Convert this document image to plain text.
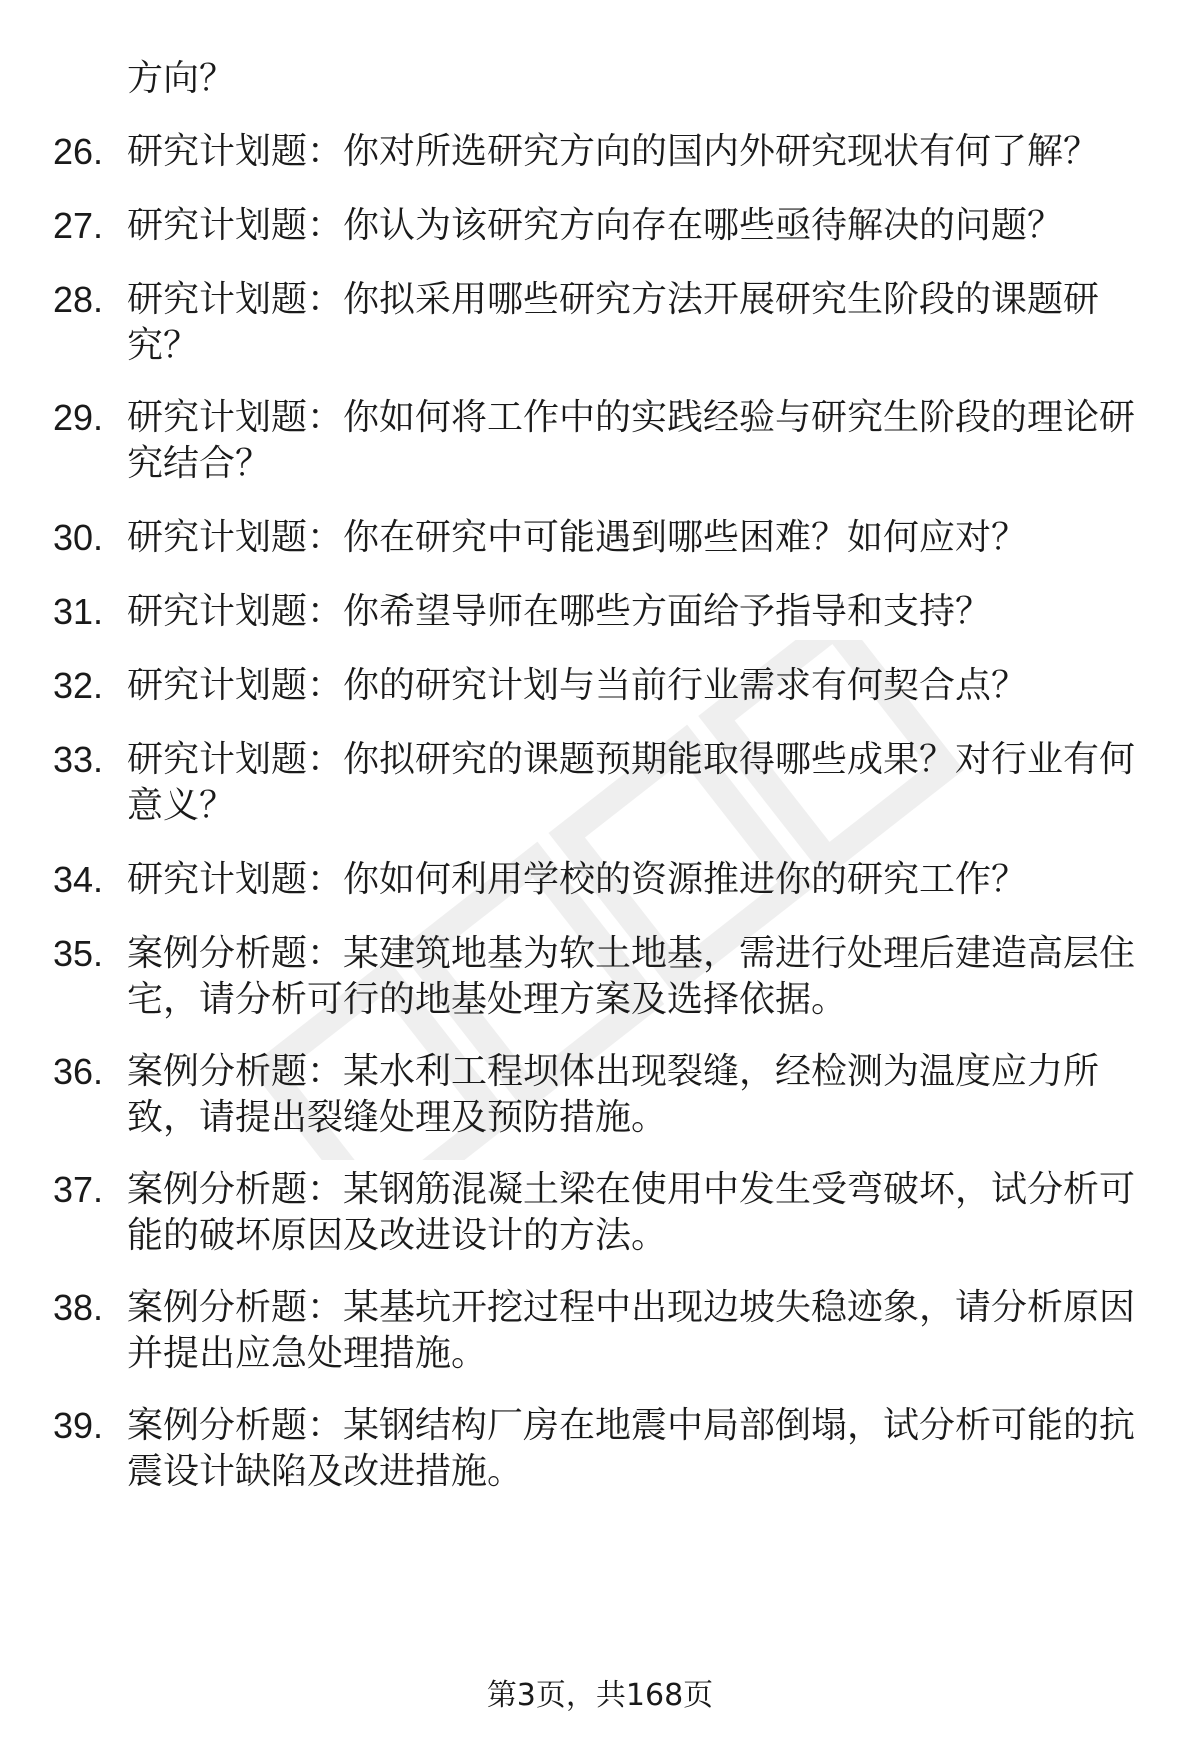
方向？
26. 研究计划题：你对所选研究方向的国内外研究现状有何了解？
27. 研究计划题：你认为该研究方向存在哪些亟待解决的问题？
28. 研究计划题：你拟采用哪些研究方法开展研究生阶段的课题研
究？
29. 研究计划题：你如何将工作中的实践经验与研究生阶段的理论研
究结合？
30. 研究计划题：你在研究中可能遇到哪些困难？如何应对？
31. 研究计划题：你希望导师在哪些方面给予指导和支持？
32. 研究计划题：你的研究计划与当前行业需求有何契合点？
33. 研究计划题：你拟研究的课题预期能取得哪些成果？对行业有何
意义？
34. 研究计划题：你如何利用学校的资源推进你的研究工作？
35. 案例分析题：某建筑地基为软土地基，需进行处理后建造高层住
宅，请分析可行的地基处理方案及选择依据。
36. 案例分析题：某水利工程坝体出现裂缝，经检测为温度应力所
致，请提出裂缝处理及预防措施。
37. 案例分析题：某钢筋混凝土梁在使用中发生受弯破坏，试分析可
能的破坏原因及改进设计的方法。
38. 案例分析题：某基坑开挖过程中出现边坡失稳迹象，请分析原因
并提出应急处理措施。
39. 案例分析题：某钢结构厂房在地震中局部倒塌，试分析可能的抗
震设计缺陷及改进措施。
第3页，共168页
